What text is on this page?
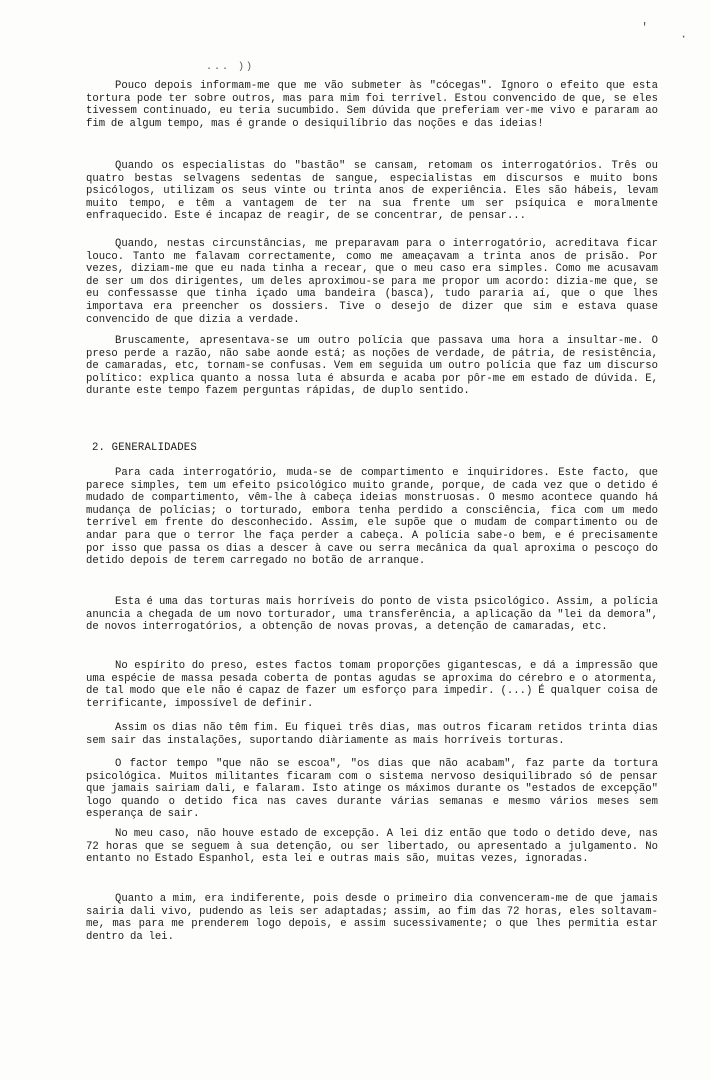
... ))
'
·

Pouco depois informam-me que me vão submeter às "cócegas". Ignoro o efeito que esta tortura pode ter sobre outros, mas para mim foi terrível. Estou convencido de que, se eles tivessem continuado, eu teria sucumbido. Sem dúvida que preferiam ver-me vivo e pararam ao fim de algum tempo, mas é grande o desiquilíbrio das noções e das ideias!

Quando os especialistas do "bastão" se cansam, retomam os interrogatórios. Três ou quatro bestas selvagens sedentas de sangue, especialistas em discursos e muito bons psicólogos, utilizam os seus vinte ou trinta anos de experiência. Eles são hábeis, levam muito tempo, e têm a vantagem de ter na sua frente um ser psíquica e moralmente enfraquecido. Este é incapaz de reagir, de se concentrar, de pensar...

Quando, nestas circunstâncias, me preparavam para o interrogatório, acreditava ficar louco. Tanto me falavam correctamente, como me ameaçavam a trinta anos de prisão. Por vezes, diziam-me que eu nada tinha a recear, que o meu caso era simples. Como me acusavam de ser um dos dirigentes, um deles aproximou-se para me propor um acordo: dizia-me que, se eu confessasse que tinha içado uma bandeira (basca), tudo pararia aí, que o que lhes importava era preencher os dossiers. Tive o desejo de dizer que sim e estava quase convencido de que dizia a verdade.

Bruscamente, apresentava-se um outro polícia que passava uma hora a insultar-me. O preso perde a razão, não sabe aonde está; as noções de verdade, de pátria, de resistência, de camaradas, etc, tornam-se confusas. Vem em seguida um outro polícia que faz um discurso político: explica quanto a nossa luta é absurda e acaba por pôr-me em estado de dúvida. E, durante este tempo fazem perguntas rápidas, de duplo sentido.

2. GENERALIDADES

Para cada interrogatório, muda-se de compartimento e inquiridores. Este facto, que parece simples, tem um efeito psicológico muito grande, porque, de cada vez que o detido é mudado de compartimento, vêm-lhe à cabeça ideias monstruosas. O mesmo acontece quando há mudança de polícias; o torturado, embora tenha perdido a consciência, fica com um medo terrível em frente do desconhecido. Assim, ele supõe que o mudam de compartimento ou de andar para que o terror lhe faça perder a cabeça. A polícia sabe-o bem, e é precisamente por isso que passa os dias a descer à cave ou serra mecânica da qual aproxima o pescoço do detido depois de terem carregado no botão de arranque.

Esta é uma das torturas mais horríveis do ponto de vista psicológico. Assim, a polícia anuncia a chegada de um novo torturador, uma transferência, a aplicação da "lei da demora", de novos interrogatórios, a obtenção de novas provas, a detenção de camaradas, etc.

No espírito do preso, estes factos tomam proporções gigantescas, e dá a impressão que uma espécie de massa pesada coberta de pontas agudas se aproxima do cérebro e o atormenta, de tal modo que ele não é capaz de fazer um esforço para impedir. (...) É qualquer coisa de terrificante, impossível de definir.

Assim os dias não têm fim. Eu fiquei três dias, mas outros ficaram retidos trinta dias sem sair das instalações, suportando diàriamente as mais horríveis torturas.

O factor tempo "que não se escoa", "os dias que não acabam", faz parte da tortura psicológica. Muitos militantes ficaram com o sistema nervoso desiquilibrado só de pensar que jamais sairiam dali, e falaram. Isto atinge os máximos durante os "estados de excepção" logo quando o detido fica nas caves durante várias semanas e mesmo vários meses sem esperança de sair.

No meu caso, não houve estado de excepção. A lei diz então que todo o detido deve, nas 72 horas que se seguem à sua detenção, ou ser libertado, ou apresentado a julgamento. No entanto no Estado Espanhol, esta lei e outras mais são, muitas vezes, ignoradas.

Quanto a mim, era indiferente, pois desde o primeiro dia convenceram-me de que jamais sairia dali vivo, pudendo as leis ser adaptadas; assim, ao fim das 72 horas, eles soltavam-me, mas para me prenderem logo depois, e assim sucessivamente; o que lhes permitia estar dentro da lei.
